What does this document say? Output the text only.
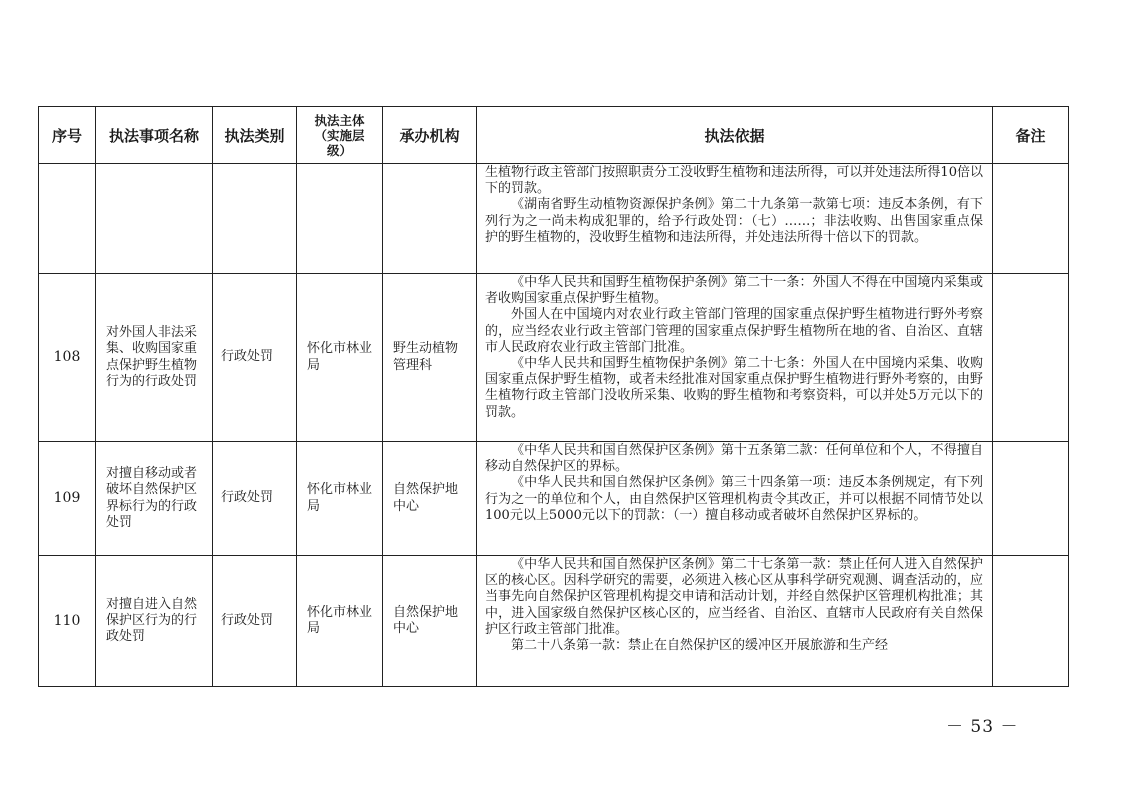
序号	执法事项名称	执法类别	执法主体（实施层级）	承办机构	执法依据	备注

					生植物行政主管部门按照职责分工没收野生植物和违法所得，可以并处违法所得10倍以下的罚款。

《湖南省野生动植物资源保护条例》第二十九条第一款第七项：违反本条例，有下列行为之一尚未构成犯罪的，给予行政处罚：（七）……；非法收购、出售国家重点保护的野生植物的，没收野生植物和违法所得，并处违法所得十倍以下的罚款。	

108	对外国人非法采集、收购国家重点保护野生植物行为的行政处罚	行政处罚	怀化市林业局	野生动植物管理科	《中华人民共和国野生植物保护条例》第二十一条：外国人不得在中国境内采集或者收购国家重点保护野生植物。

外国人在中国境内对农业行政主管部门管理的国家重点保护野生植物进行野外考察的，应当经农业行政主管部门管理的国家重点保护野生植物所在地的省、自治区、直辖市人民政府农业行政主管部门批准。

《中华人民共和国野生植物保护条例》第二十七条：外国人在中国境内采集、收购国家重点保护野生植物，或者未经批准对国家重点保护野生植物进行野外考察的，由野生植物行政主管部门没收所采集、收购的野生植物和考察资料，可以并处5万元以下的罚款。	

109	对擅自移动或者破坏自然保护区界标行为的行政处罚	行政处罚	怀化市林业局	自然保护地中心	《中华人民共和国自然保护区条例》第十五条第二款：任何单位和个人，不得擅自移动自然保护区的界标。

《中华人民共和国自然保护区条例》第三十四条第一项：违反本条例规定，有下列行为之一的单位和个人，由自然保护区管理机构责令其改正，并可以根据不同情节处以100元以上5000元以下的罚款：（一）擅自移动或者破坏自然保护区界标的。	

110	对擅自进入自然保护区行为的行政处罚	行政处罚	怀化市林业局	自然保护地中心	《中华人民共和国自然保护区条例》第二十七条第一款：禁止任何人进入自然保护区的核心区。因科学研究的需要，必须进入核心区从事科学研究观测、调查活动的，应当事先向自然保护区管理机构提交申请和活动计划，并经自然保护区管理机构批准；其中，进入国家级自然保护区核心区的，应当经省、自治区、直辖市人民政府有关自然保护区行政主管部门批准。

第二十八条第一款：禁止在自然保护区的缓冲区开展旅游和生产经	

－ 53 －
